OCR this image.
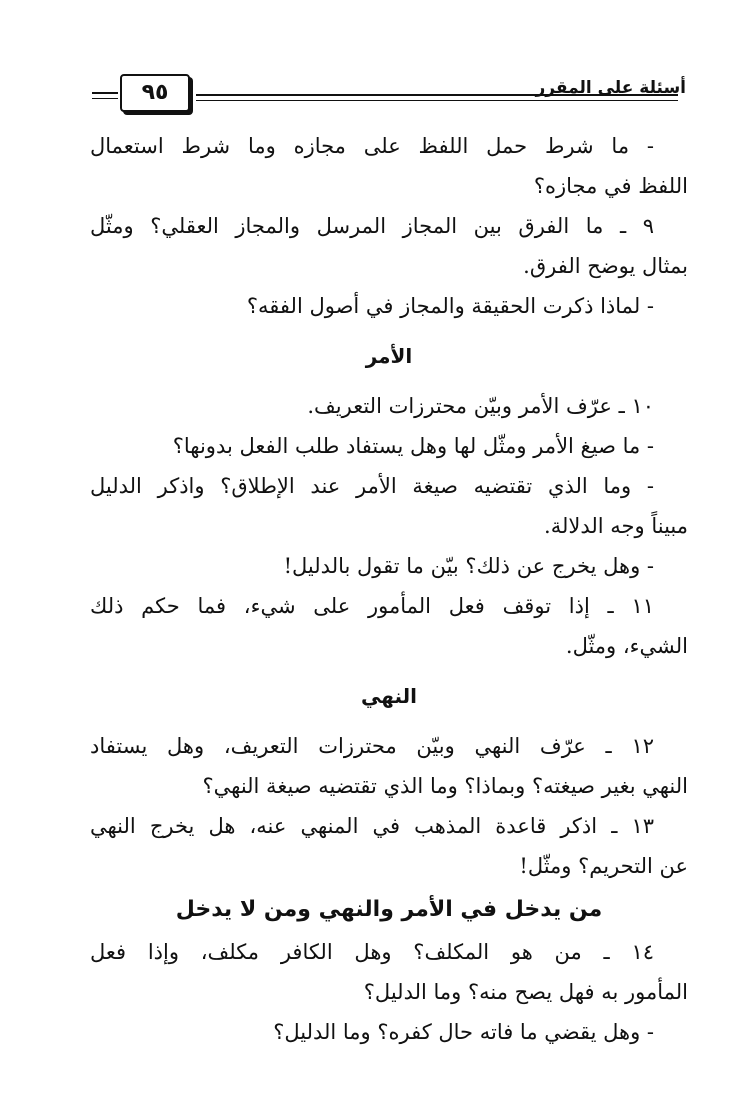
٩٥	أسئلة على المقرر
- ما شرط حمل اللفظ على مجازه وما شرط استعمال
اللفظ في مجازه؟
٩ ـ ما الفرق بين المجاز المرسل والمجاز العقلي؟ ومثّل
بمثال يوضح الفرق.
- لماذا ذكرت الحقيقة والمجاز في أصول الفقه؟
الأمر
١٠ ـ عرّف الأمر وبيّن محترزات التعريف.
- ما صيغ الأمر ومثّل لها وهل يستفاد طلب الفعل بدونها؟
- وما الذي تقتضيه صيغة الأمر عند الإطلاق؟ واذكر الدليل
مبيناً وجه الدلالة.
- وهل يخرج عن ذلك؟ بيّن ما تقول بالدليل!
١١ ـ إذا توقف فعل المأمور على شيء، فما حكم ذلك
الشيء، ومثّل.
النهي
١٢ ـ عرّف النهي وبيّن محترزات التعريف، وهل يستفاد
النهي بغير صيغته؟ وبماذا؟ وما الذي تقتضيه صيغة النهي؟
١٣ ـ اذكر قاعدة المذهب في المنهي عنه، هل يخرج النهي
عن التحريم؟ ومثّل!
من يدخل في الأمر والنهي ومن لا يدخل
١٤ ـ من هو المكلف؟ وهل الكافر مكلف، وإذا فعل
المأمور به فهل يصح منه؟ وما الدليل؟
- وهل يقضي ما فاته حال كفره؟ وما الدليل؟
